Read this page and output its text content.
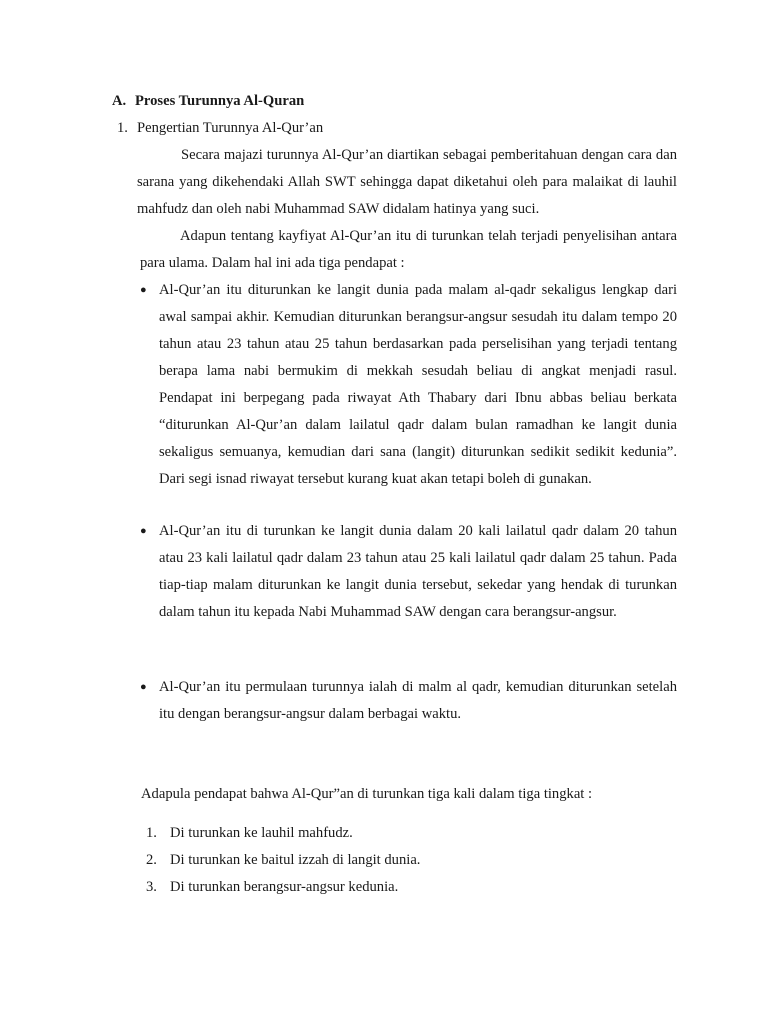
A. Proses Turunnya Al-Quran
1. Pengertian Turunnya Al-Qur’an
Secara majazi turunnya Al-Qur’an diartikan sebagai pemberitahuan dengan cara dan sarana yang dikehendaki Allah SWT sehingga dapat diketahui oleh para malaikat di lauhil mahfudz dan oleh nabi Muhammad SAW didalam hatinya yang suci.
Adapun tentang kayfiyat Al-Qur’an itu di turunkan telah terjadi penyelisihan antara para ulama. Dalam hal ini ada tiga pendapat :
● Al-Qur’an itu diturunkan ke langit dunia pada malam al-qadr sekaligus lengkap dari awal sampai akhir. Kemudian diturunkan berangsur-angsur sesudah itu dalam tempo 20 tahun atau 23 tahun atau 25 tahun berdasarkan pada perselisihan yang terjadi tentang berapa lama nabi bermukim di mekkah sesudah beliau di angkat menjadi rasul. Pendapat ini berpegang pada riwayat Ath Thabary dari Ibnu abbas beliau berkata “diturunkan Al-Qur’an dalam lailatul qadr dalam bulan ramadhan ke langit dunia sekaligus semuanya, kemudian dari sana (langit) diturunkan sedikit sedikit kedunia”. Dari segi isnad riwayat tersebut kurang kuat akan tetapi boleh di gunakan.
● Al-Qur’an itu di turunkan ke langit dunia dalam 20 kali lailatul qadr dalam 20 tahun atau 23 kali lailatul qadr dalam 23 tahun atau 25 kali lailatul qadr dalam 25 tahun. Pada tiap-tiap malam diturunkan ke langit dunia tersebut, sekedar yang hendak di turunkan dalam tahun itu kepada Nabi Muhammad SAW dengan cara berangsur-angsur.
● Al-Qur’an itu permulaan turunnya ialah di malm al qadr, kemudian diturunkan setelah itu dengan berangsur-angsur dalam berbagai waktu.
Adapula pendapat bahwa Al-Qur”an di turunkan tiga kali dalam tiga tingkat :
1. Di turunkan ke lauhil mahfudz.
2. Di turunkan ke baitul izzah di langit dunia.
3. Di turunkan berangsur-angsur kedunia.
